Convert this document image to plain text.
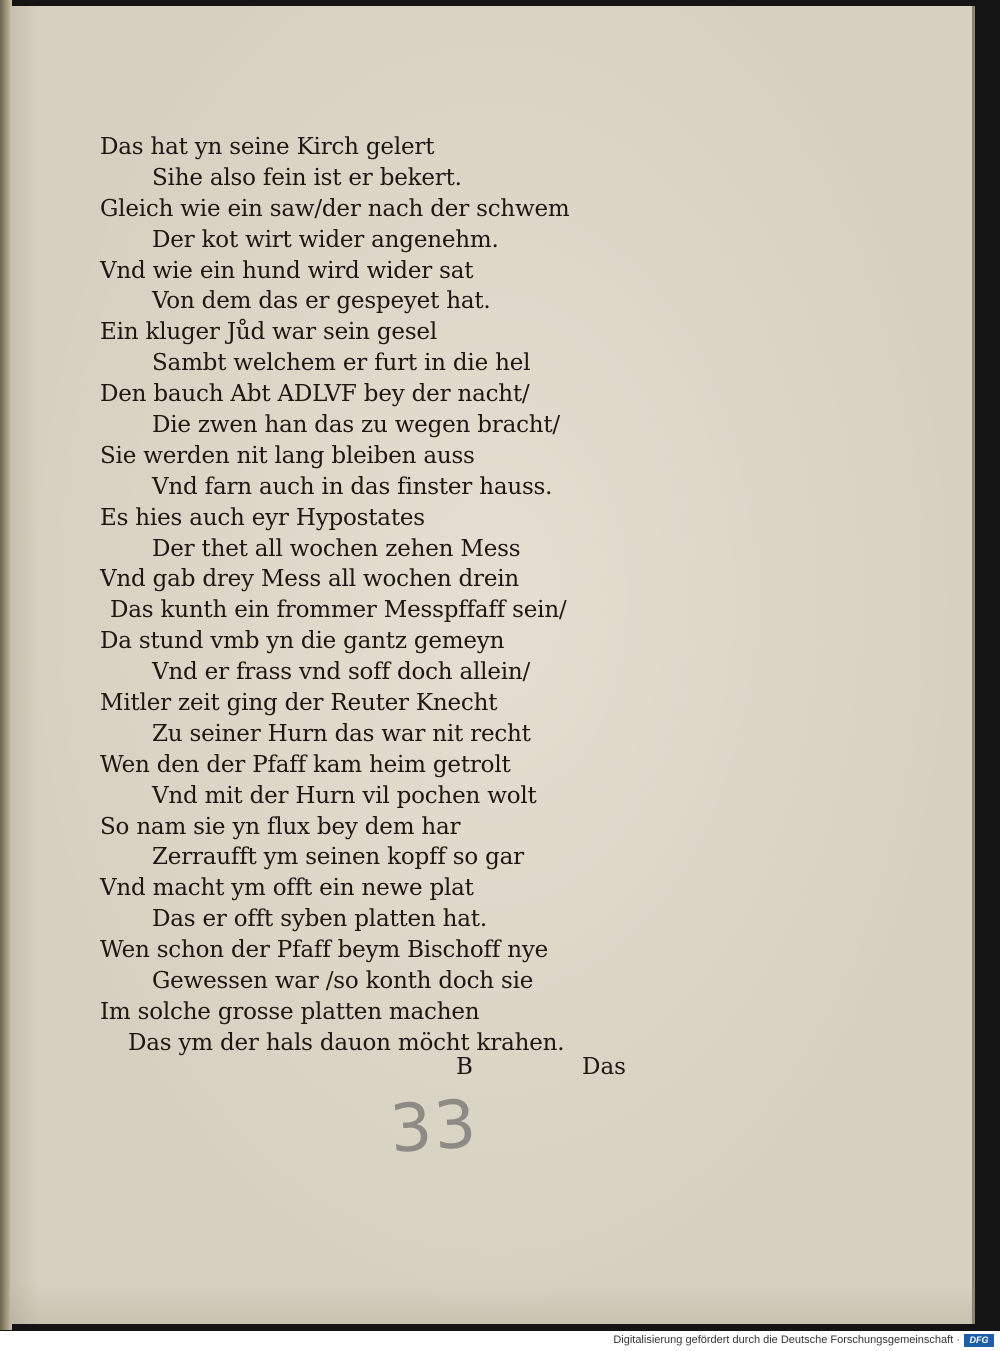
Das hat yn seine Kirch gelert
Sihe also fein ist er bekert.
Gleich wie ein saw/der nach der schwem
Der kot wirt wider angenehm.
Vnd wie ein hund wird wider sat
Von dem das er gespeyet hat.
Ein kluger Jůd war sein gesel
Sambt welchem er furt in die hel
Den bauch Abt ADLVF bey der nacht/
Die zwen han das zu wegen bracht/
Sie werden nit lang bleiben auss
Vnd farn auch in das finster hauss.
Es hies auch eyr Hypostates
Der thet all wochen zehen Mess
Vnd gab drey Mess all wochen drein
Das kunth ein frommer Messpffaff sein/
Da stund vmb yn die gantz gemeyn
Vnd er frass vnd soff doch allein/
Mitler zeit ging der Reuter Knecht
Zu seiner Hurn das war nit recht
Wen den der Pfaff kam heim getrolt
Vnd mit der Hurn vil pochen wolt
So nam sie yn flux bey dem har
Zerraufft ym seinen kopff so gar
Vnd macht ym offt ein newe plat
Das er offt syben platten hat.
Wen schon der Pfaff beym Bischoff nye
Gewessen war /so konth doch sie
Im solche grosse platten machen
Das ym der hals dauon möcht krahen.
B	Das
33
Digitalisierung gefördert durch die Deutsche Forschungsgemeinschaft ·	DFG
